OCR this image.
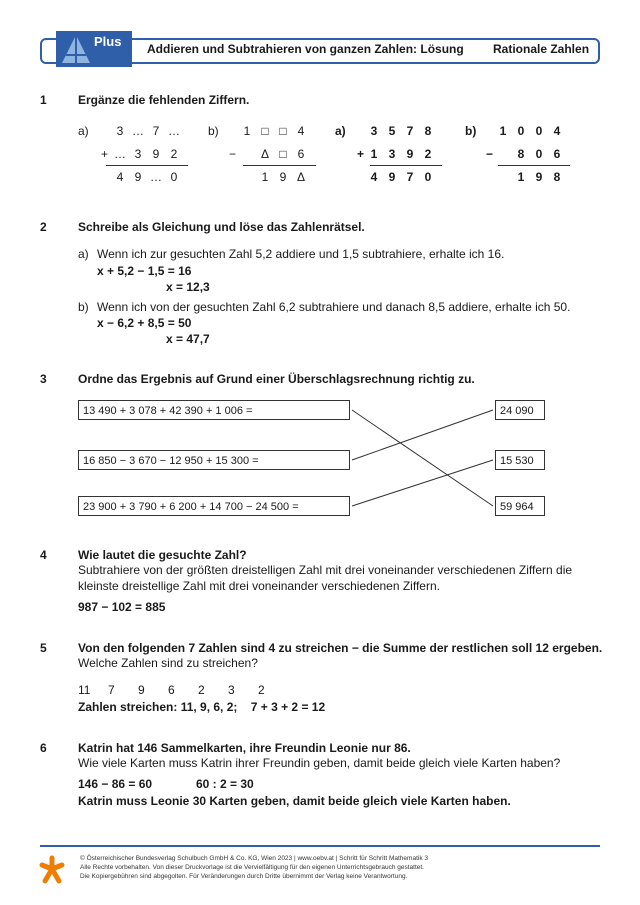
Plus Addieren und Subtrahieren von ganzen Zahlen: Lösung Rationale Zahlen
1	Ergänze die fehlenden Ziffern.
a)
+
3 … 7 …
… 3 9 2
4 9 … 0
b)
−
1 □ □ 4
Δ □ 6
1 9 Δ
a)
+
3 5 7 8
1 3 9 2
4 9 7 0
b)
−
1 0 0 4
8 0 6
1 9 8
2	Schreibe als Gleichung und löse das Zahlenrätsel.
a) Wenn ich zur gesuchten Zahl 5,2 addiere und 1,5 subtrahiere, erhalte ich 16.
x + 5,2 − 1,5 = 16
x = 12,3
b) Wenn ich von der gesuchten Zahl 6,2 subtrahiere und danach 8,5 addiere, erhalte ich 50.
x − 6,2 + 8,5 = 50
x = 47,7
3	Ordne das Ergebnis auf Grund einer Überschlagsrechnung richtig zu.
13 490 + 3 078 + 42 390 + 1 006 =
16 850 − 3 670 − 12 950 + 15 300 =
23 900 + 3 790 + 6 200 + 14 700 − 24 500 =
24 090
15 530
59 964
4	Wie lautet die gesuchte Zahl?
Subtrahiere von der größten dreistelligen Zahl mit drei voneinander verschiedenen Ziffern die
kleinste dreistellige Zahl mit drei voneinander verschiedenen Ziffern.
987 − 102 = 885
5	Von den folgenden 7 Zahlen sind 4 zu streichen − die Summe der restlichen soll 12 ergeben.
Welche Zahlen sind zu streichen?
11 7 9 6 2 3 2
Zahlen streichen: 11, 9, 6, 2;    7 + 3 + 2 = 12
6	Katrin hat 146 Sammelkarten, ihre Freundin Leonie nur 86.
Wie viele Karten muss Katrin ihrer Freundin geben, damit beide gleich viele Karten haben?
146 − 86 = 60	60 : 2 = 30
Katrin muss Leonie 30 Karten geben, damit beide gleich viele Karten haben.
© Österreichischer Bundesverlag Schulbuch GmbH & Co. KG, Wien 2023 | www.oebv.at | Schritt für Schritt Mathematik 3
Alle Rechte vorbehalten. Von dieser Druckvorlage ist die Vervielfältigung für den eigenen Unterrichtsgebrauch gestattet.
Die Kopiergebühren sind abgegolten. Für Veränderungen durch Dritte übernimmt der Verlag keine Verantwortung.
